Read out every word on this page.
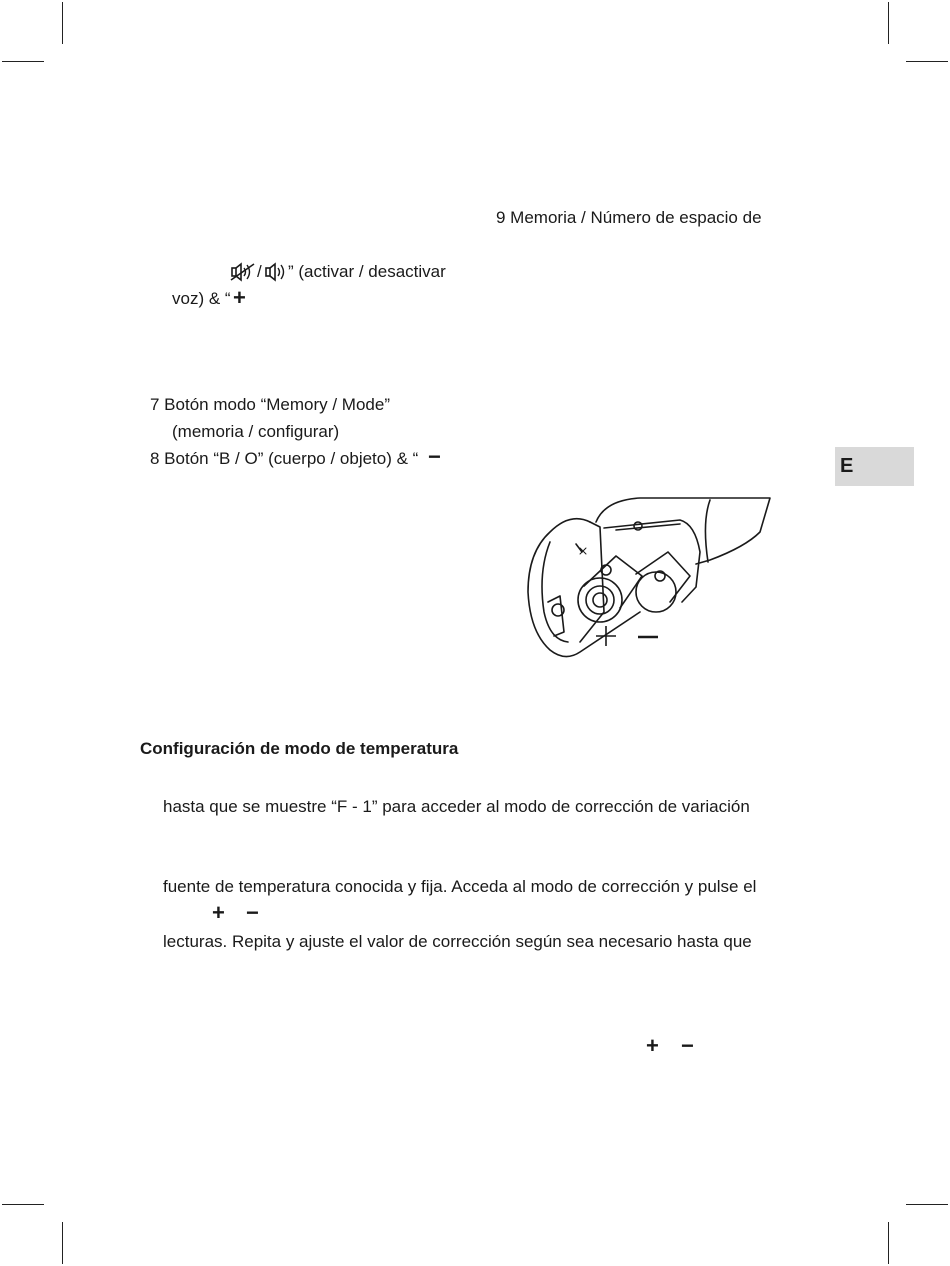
9 Memoria / Número de espacio de
/ ” (activar / desactivar
voz) & “ +
7 Botón modo “Memory / Mode”
(memoria / configurar)
8 Botón “B / O” (cuerpo / objeto) & “ −	E
Configuración de modo de temperatura
hasta que se muestre “F - 1” para acceder al modo de corrección de variación
fuente de temperatura conocida y fija. Acceda al modo de corrección y pulse el
+ −
lecturas. Repita y ajuste el valor de corrección según sea necesario hasta que
+ −
